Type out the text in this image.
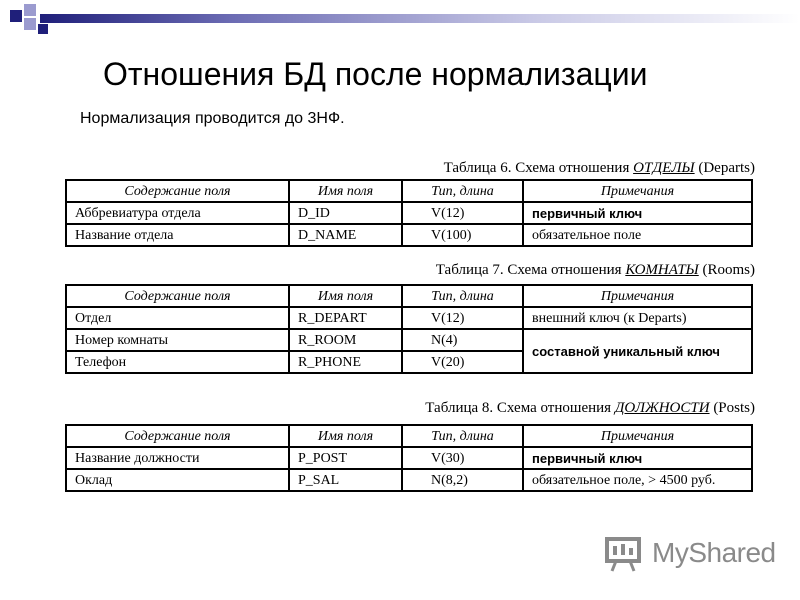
Отношения БД после нормализации
Нормализация проводится до 3НФ.
Таблица 6. Схема отношения ОТДЕЛЫ (Departs)
Содержание поля	Имя поля	Тип, длина	Примечания
Аббревиатура отдела	D_ID	V(12)	первичный ключ
Название отдела	D_NAME	V(100)	обязательное поле
Таблица 7. Схема отношения КОМНАТЫ (Rooms)
Содержание поля	Имя поля	Тип, длина	Примечания
Отдел	R_DEPART	V(12)	внешний ключ (к Departs)
Номер комнаты	R_ROOM	N(4)	составной уникальный ключ
Телефон	R_PHONE	V(20)	
Таблица 8. Схема отношения ДОЛЖНОСТИ (Posts)
Содержание поля	Имя поля	Тип, длина	Примечания
Название должности	P_POST	V(30)	первичный ключ
Оклад	P_SAL	N(8,2)	обязательное поле, > 4500 руб.
MyShared
